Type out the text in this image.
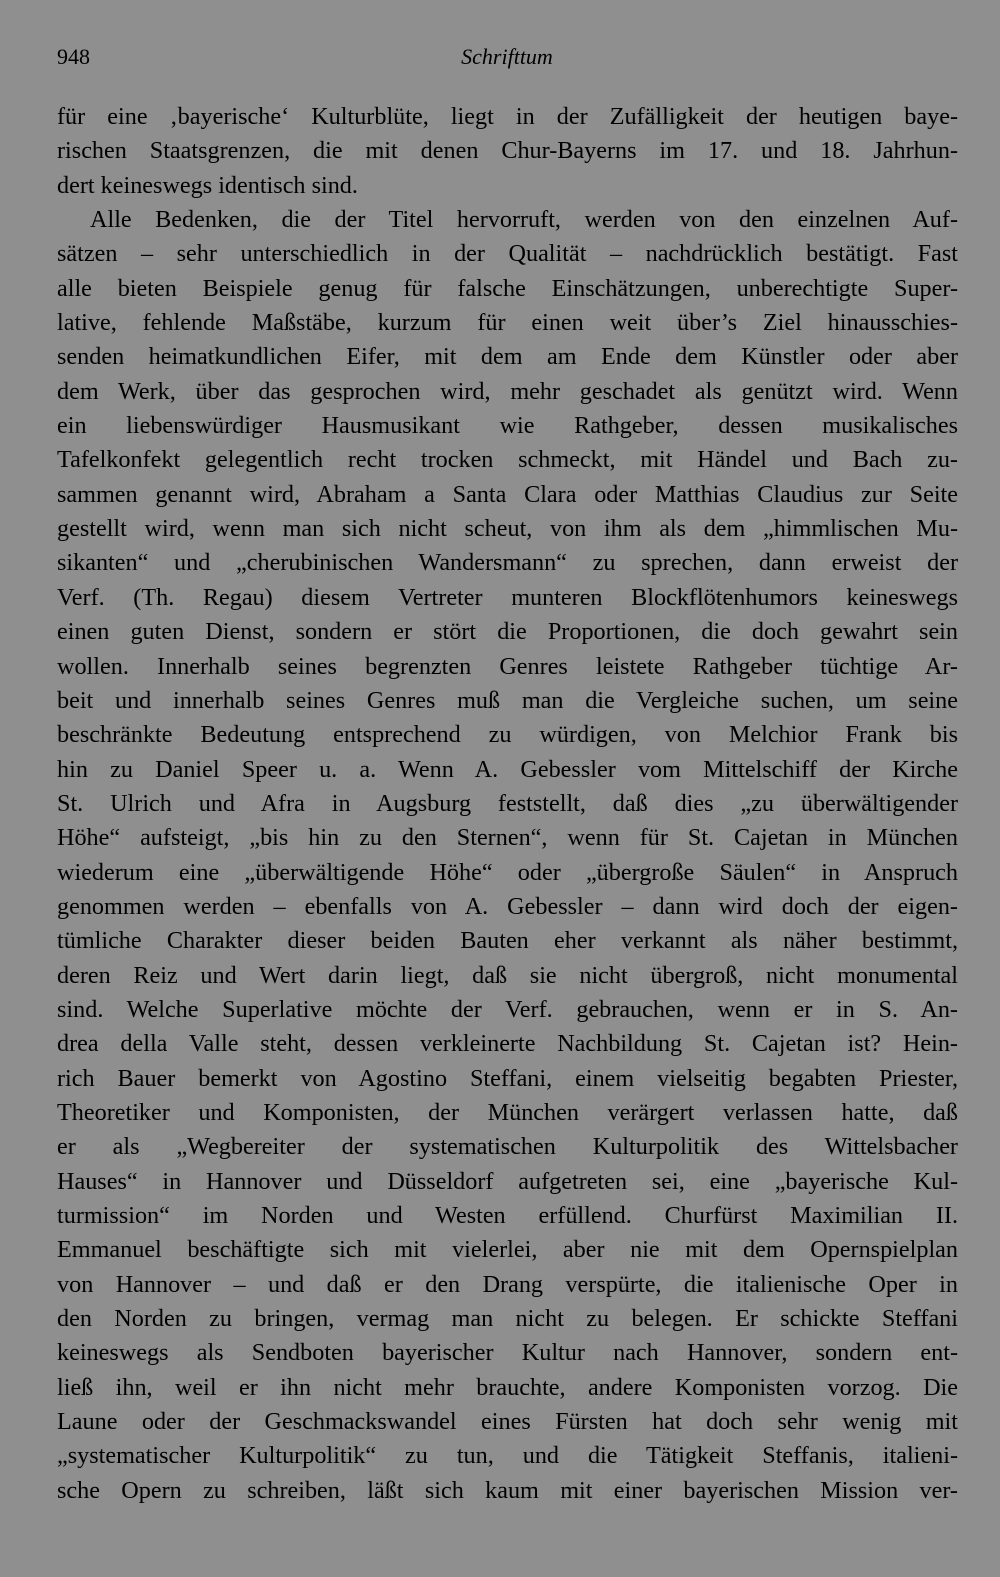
948	Schrifttum
für eine ‚bayerische‘ Kulturblüte, liegt in der Zufälligkeit der heutigen baye-
rischen Staatsgrenzen, die mit denen Chur-Bayerns im 17. und 18. Jahrhun-
dert keineswegs identisch sind.
Alle Bedenken, die der Titel hervorruft, werden von den einzelnen Auf-
sätzen – sehr unterschiedlich in der Qualität – nachdrücklich bestätigt. Fast
alle bieten Beispiele genug für falsche Einschätzungen, unberechtigte Super-
lative, fehlende Maßstäbe, kurzum für einen weit über’s Ziel hinausschies-
senden heimatkundlichen Eifer, mit dem am Ende dem Künstler oder aber
dem Werk, über das gesprochen wird, mehr geschadet als genützt wird. Wenn
ein liebenswürdiger Hausmusikant wie Rathgeber, dessen musikalisches
Tafelkonfekt gelegentlich recht trocken schmeckt, mit Händel und Bach zu-
sammen genannt wird, Abraham a Santa Clara oder Matthias Claudius zur Seite
gestellt wird, wenn man sich nicht scheut, von ihm als dem „himmlischen Mu-
sikanten“ und „cherubinischen Wandersmann“ zu sprechen, dann erweist der
Verf. (Th. Regau) diesem Vertreter munteren Blockflötenhumors keineswegs
einen guten Dienst, sondern er stört die Proportionen, die doch gewahrt sein
wollen. Innerhalb seines begrenzten Genres leistete Rathgeber tüchtige Ar-
beit und innerhalb seines Genres muß man die Vergleiche suchen, um seine
beschränkte Bedeutung entsprechend zu würdigen, von Melchior Frank bis
hin zu Daniel Speer u. a. Wenn A. Gebessler vom Mittelschiff der Kirche
St. Ulrich und Afra in Augsburg feststellt, daß dies „zu überwältigender
Höhe“ aufsteigt, „bis hin zu den Sternen“, wenn für St. Cajetan in München
wiederum eine „überwältigende Höhe“ oder „übergroße Säulen“ in Anspruch
genommen werden – ebenfalls von A. Gebessler – dann wird doch der eigen-
tümliche Charakter dieser beiden Bauten eher verkannt als näher bestimmt,
deren Reiz und Wert darin liegt, daß sie nicht übergroß, nicht monumental
sind. Welche Superlative möchte der Verf. gebrauchen, wenn er in S. An-
drea della Valle steht, dessen verkleinerte Nachbildung St. Cajetan ist? Hein-
rich Bauer bemerkt von Agostino Steffani, einem vielseitig begabten Priester,
Theoretiker und Komponisten, der München verärgert verlassen hatte, daß
er als „Wegbereiter der systematischen Kulturpolitik des Wittelsbacher
Hauses“ in Hannover und Düsseldorf aufgetreten sei, eine „bayerische Kul-
turmission“ im Norden und Westen erfüllend. Churfürst Maximilian II.
Emmanuel beschäftigte sich mit vielerlei, aber nie mit dem Opernspielplan
von Hannover – und daß er den Drang verspürte, die italienische Oper in
den Norden zu bringen, vermag man nicht zu belegen. Er schickte Steffani
keineswegs als Sendboten bayerischer Kultur nach Hannover, sondern ent-
ließ ihn, weil er ihn nicht mehr brauchte, andere Komponisten vorzog. Die
Laune oder der Geschmackswandel eines Fürsten hat doch sehr wenig mit
„systematischer Kulturpolitik“ zu tun, und die Tätigkeit Steffanis, italieni-
sche Opern zu schreiben, läßt sich kaum mit einer bayerischen Mission ver-
